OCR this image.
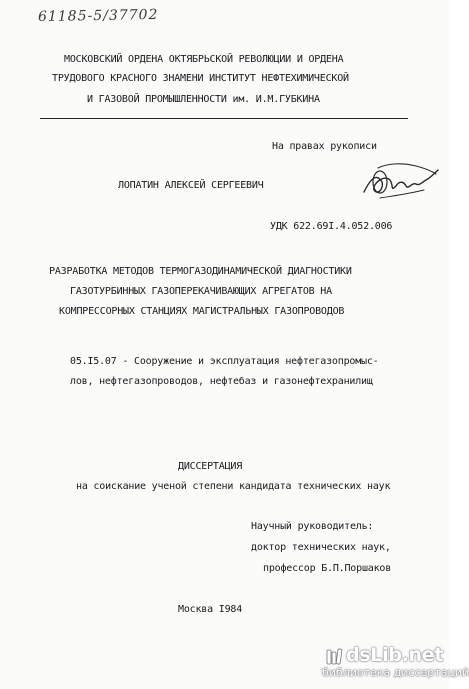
61185-5/37702
МОСКОВСКИЙ ОРДЕНА ОКТЯБРЬСКОЙ РЕВОЛЮЦИИ И ОРДЕНА
ТРУДОВОГО КРАСНОГО ЗНАМЕНИ ИНСТИТУТ НЕФТЕХИМИЧЕСКОЙ
И ГАЗОВОЙ ПРОМЫШЛЕННОСТИ им. И.М.ГУБКИНА
На правах рукописи
ЛОПАТИН АЛЕКСЕЙ СЕРГЕЕВИЧ
УДК 622.69I.4.052.006
РАЗРАБОТКА МЕТОДОВ ТЕРМОГАЗОДИНАМИЧЕСКОЙ ДИАГНОСТИКИ
ГАЗОТУРБИННЫХ ГАЗОПЕРЕКАЧИВАЮЩИХ АГРЕГАТОВ НА
КОМПРЕССОРНЫХ СТАНЦИЯХ МАГИСТРАЛЬНЫХ ГАЗОПРОВОДОВ
05.I5.07 - Сооружение и эксплуатация нефтегазопромыс-
лов, нефтегазопроводов, нефтебаз и газонефтехранилищ
ДИССЕРТАЦИЯ
на соискание ученой степени кандидата технических наук
Научный руководитель:
доктор технических наук,
профессор Б.П.Поршаков
Москва I984
dsLib.net
библиотека диссертаций
